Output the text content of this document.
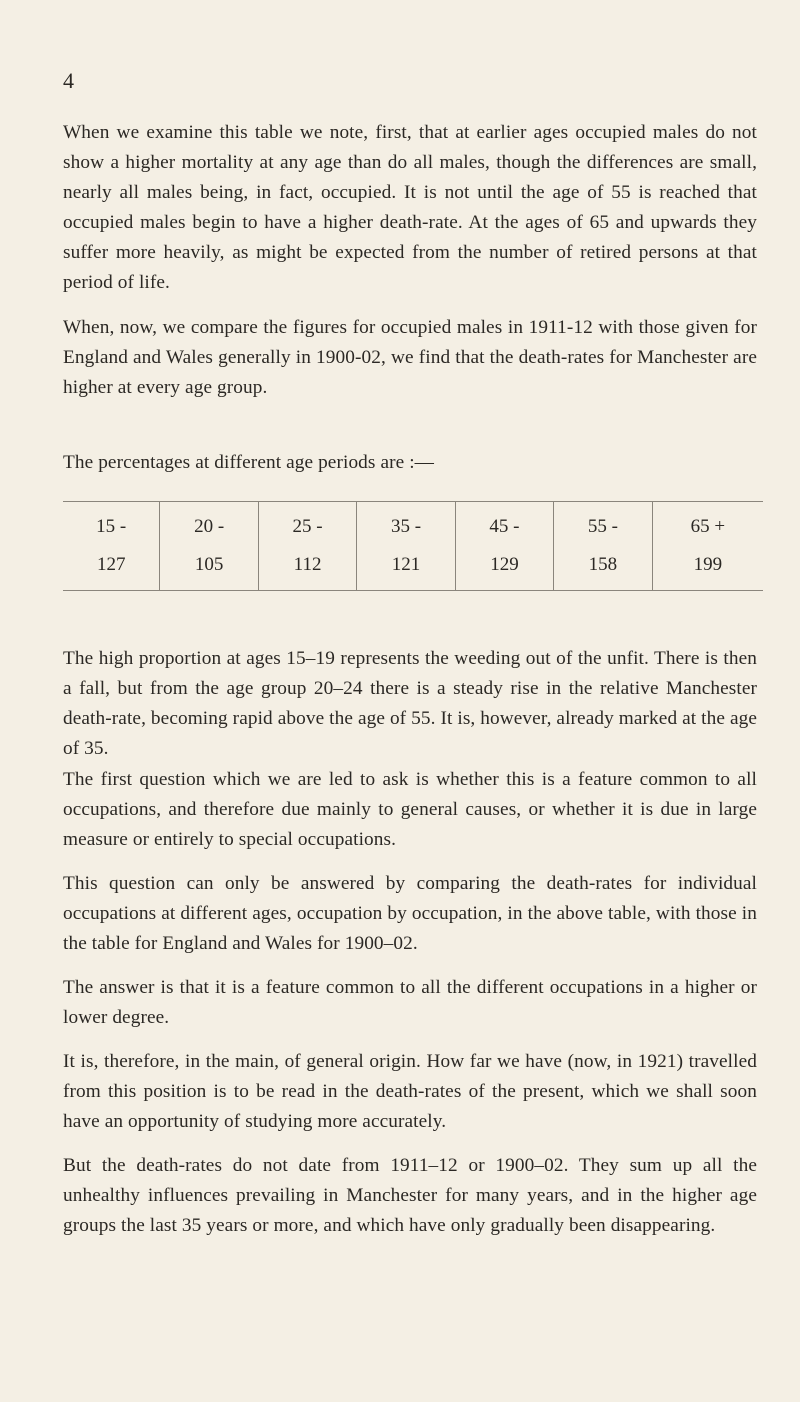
4

When we examine this table we note, first, that at earlier ages occupied males do not show a higher mortality at any age than do all males, though the differences are small, nearly all males being, in fact, occupied. It is not until the age of 55 is reached that occupied males begin to have a higher death-rate. At the ages of 65 and upwards they suffer more heavily, as might be expected from the number of retired persons at that period of life.

When, now, we compare the figures for occupied males in 1911-12 with those given for England and Wales generally in 1900-02, we find that the death-rates for Manchester are higher at every age group.

The percentages at different age periods are :—

15 -	20 -	25 -	35 -	45 -	55 -	65 +
127	105	112	121	129	158	199

The high proportion at ages 15–19 represents the weeding out of the unfit. There is then a fall, but from the age group 20–24 there is a steady rise in the relative Manchester death-rate, becoming rapid above the age of 55. It is, however, already marked at the age of 35.

The first question which we are led to ask is whether this is a feature common to all occupations, and therefore due mainly to general causes, or whether it is due in large measure or entirely to special occupations.

This question can only be answered by comparing the death-rates for individual occupations at different ages, occupation by occupation, in the above table, with those in the table for England and Wales for 1900–02.

The answer is that it is a feature common to all the different occupations in a higher or lower degree.

It is, therefore, in the main, of general origin. How far we have (now, in 1921) travelled from this position is to be read in the death-rates of the present, which we shall soon have an opportunity of studying more accurately.

But the death-rates do not date from 1911–12 or 1900–02. They sum up all the unhealthy influences prevailing in Manchester for many years, and in the higher age groups the last 35 years or more, and which have only gradually been disappearing.
